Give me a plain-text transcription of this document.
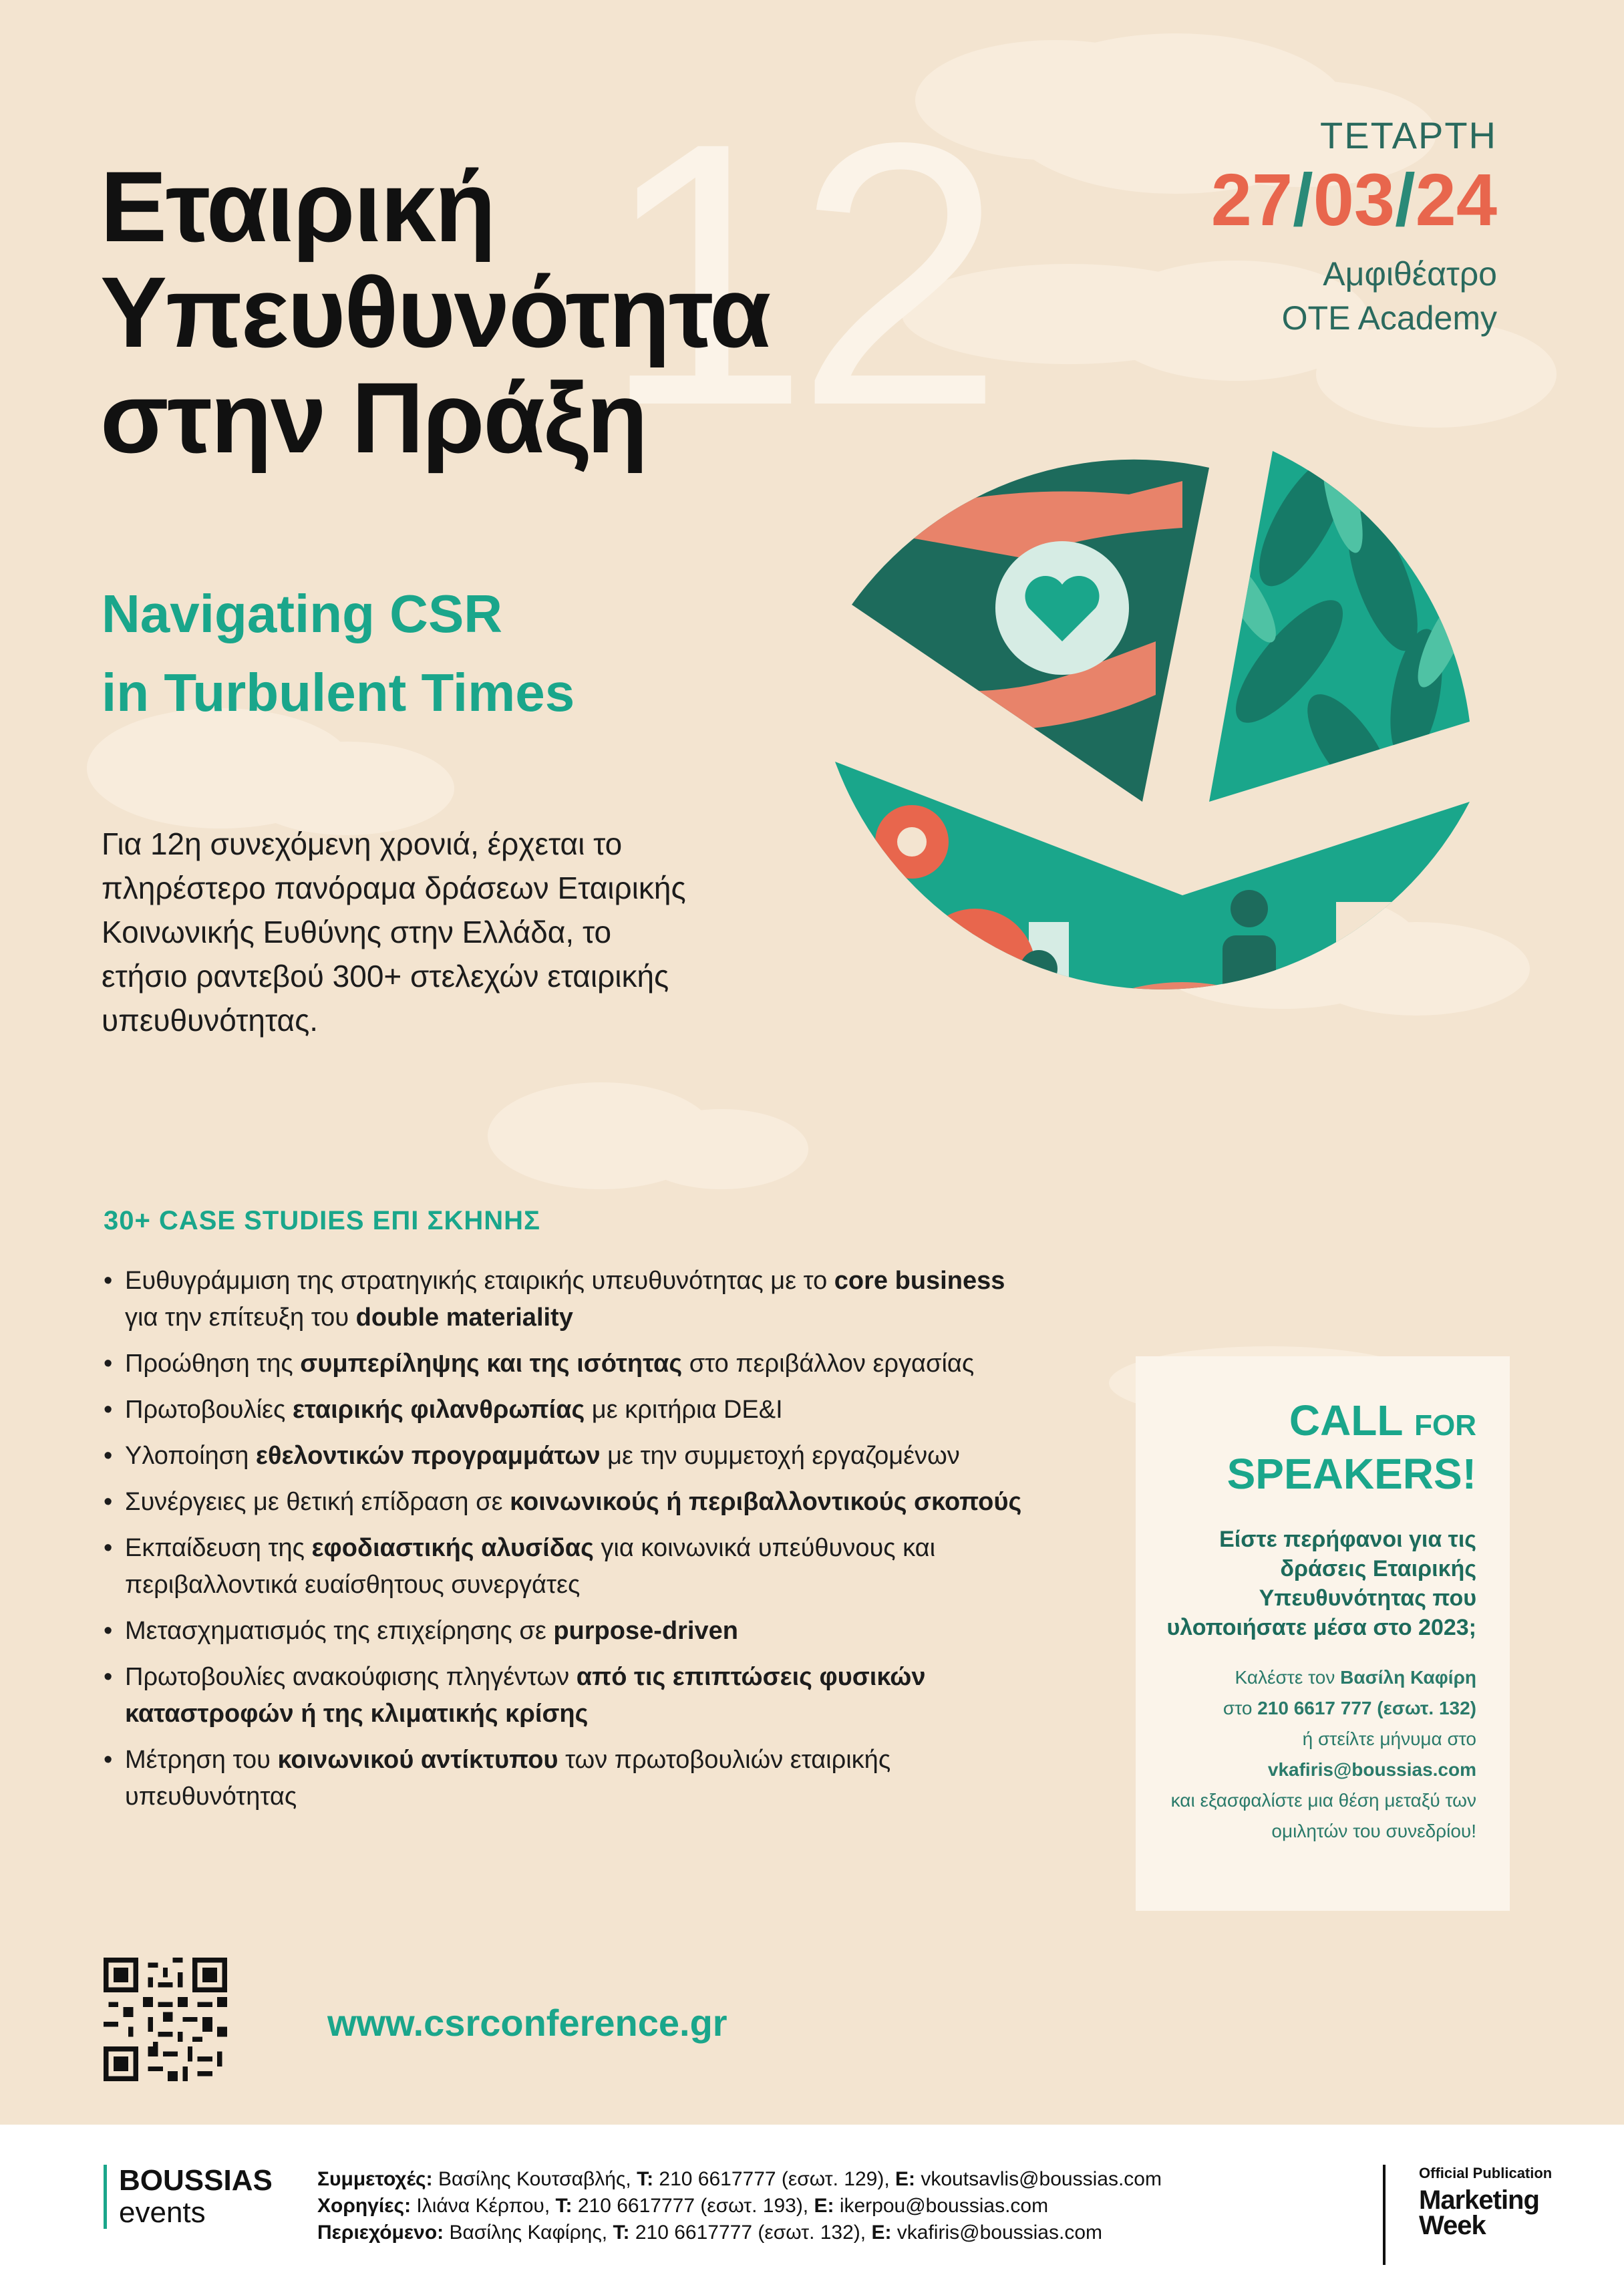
12
Εταιρική
Υπευθυνότητα
στην Πράξη
ΤΕΤΑΡΤΗ
27/03/24
Αμφιθέατρο
OTE Academy
Navigating CSR
in Turbulent Times

Για 12η συνεχόμενη χρονιά, έρχεται το πληρέστερο πανόραμα δράσεων Εταιρικής Κοινωνικής Ευθύνης στην Ελλάδα, το ετήσιο ραντεβού 300+ στελεχών εταιρικής υπευθυνότητας.

30+ CASE STUDIES ΕΠΙ ΣΚΗΝΗΣ
• Ευθυγράμμιση της στρατηγικής εταιρικής υπευθυνότητας με το core business για την επίτευξη του double materiality
• Προώθηση της συμπερίληψης και της ισότητας στο περιβάλλον εργασίας
• Πρωτοβουλίες εταιρικής φιλανθρωπίας με κριτήρια DE&I
• Υλοποίηση εθελοντικών προγραμμάτων με την συμμετοχή εργαζομένων
• Συνέργειες με θετική επίδραση σε κοινωνικούς ή περιβαλλοντικούς σκοπούς
• Εκπαίδευση της εφοδιαστικής αλυσίδας για κοινωνικά υπεύθυνους και περιβαλλοντικά ευαίσθητους συνεργάτες
• Μετασχηματισμός της επιχείρησης σε purpose-driven
• Πρωτοβουλίες ανακούφισης πληγέντων από τις επιπτώσεις φυσικών καταστροφών ή της κλιματικής κρίσης
• Μέτρηση του κοινωνικού αντίκτυπου των πρωτοβουλιών εταιρικής υπευθυνότητας
CALL FOR
SPEAKERS!
Είστε περήφανοι για τις δράσεις Εταιρικής Υπευθυνότητας που υλοποιήσατε μέσα στο 2023;
Καλέστε τον Βασίλη Καφίρη
στο 210 6617 777 (εσωτ. 132)
ή στείλτε μήνυμα στο
vkafiris@boussias.com
και εξασφαλίστε μια θέση μεταξύ των ομιλητών του συνεδρίου!
www.csrconference.gr
BOUSSIAS
events
Συμμετοχές: Βασίλης Κουτσαβλής, T: 210 6617777 (εσωτ. 129), E: vkoutsavlis@boussias.com
Χορηγίες: Ιλιάνα Κέρπου, T: 210 6617777 (εσωτ. 193), E: ikerpou@boussias.com
Περιεχόμενο: Βασίλης Καφίρης, T: 210 6617777 (εσωτ. 132), E: vkafiris@boussias.com
Official Publication
Marketing
Week
